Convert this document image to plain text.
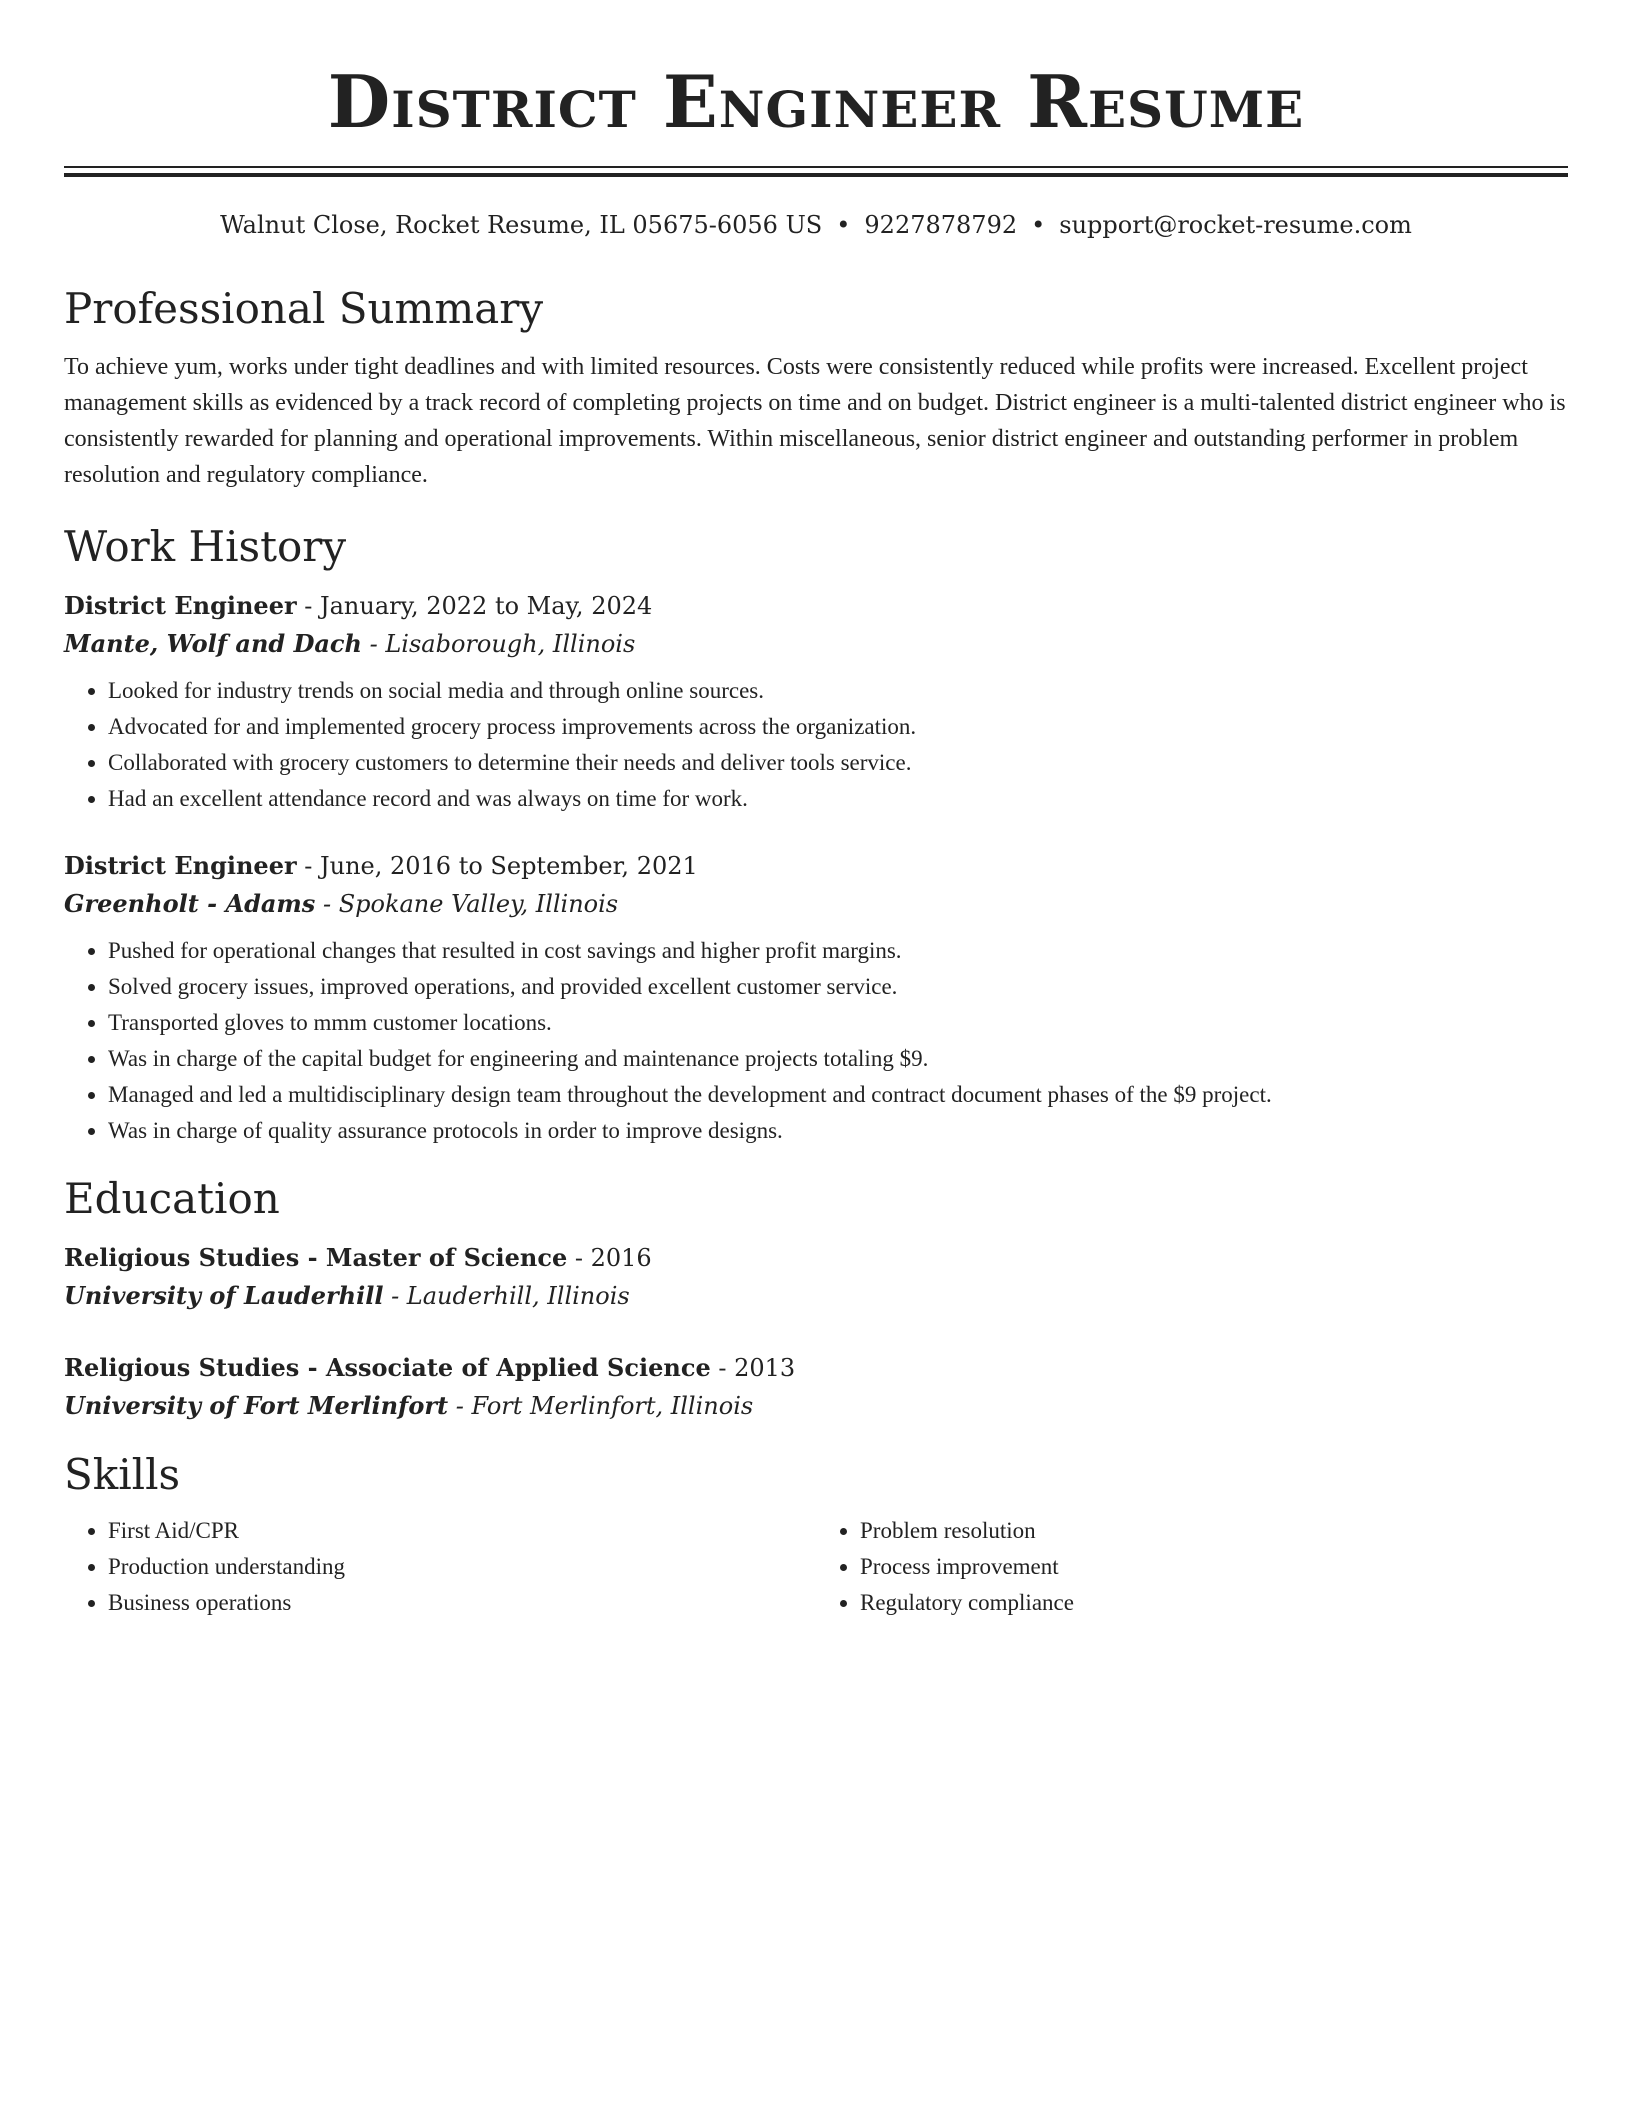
District Engineer Resume
Walnut Close, Rocket Resume, IL 05675-6056 US • 9227878792 • support@rocket-resume.com
Professional Summary

To achieve yum, works under tight deadlines and with limited resources. Costs were consistently reduced while profits were increased. Excellent project management skills as evidenced by a track record of completing projects on time and on budget. District engineer is a multi-talented district engineer who is consistently rewarded for planning and operational improvements. Within miscellaneous, senior district engineer and outstanding performer in problem resolution and regulatory compliance.

Work History
District Engineer - January, 2022 to May, 2024
Mante, Wolf and Dach - Lisaborough, Illinois
• Looked for industry trends on social media and through online sources.
• Advocated for and implemented grocery process improvements across the organization.
• Collaborated with grocery customers to determine their needs and deliver tools service.
• Had an excellent attendance record and was always on time for work.
District Engineer - June, 2016 to September, 2021
Greenholt - Adams - Spokane Valley, Illinois
• Pushed for operational changes that resulted in cost savings and higher profit margins.
• Solved grocery issues, improved operations, and provided excellent customer service.
• Transported gloves to mmm customer locations.
• Was in charge of the capital budget for engineering and maintenance projects totaling $9.
• Managed and led a multidisciplinary design team throughout the development and contract document phases of the $9 project.
• Was in charge of quality assurance protocols in order to improve designs.
Education
Religious Studies - Master of Science - 2016
University of Lauderhill - Lauderhill, Illinois
Religious Studies - Associate of Applied Science - 2013
University of Fort Merlinfort - Fort Merlinfort, Illinois
Skills
• First Aid/CPR
• Production understanding
• Business operations
• Problem resolution
• Process improvement
• Regulatory compliance
